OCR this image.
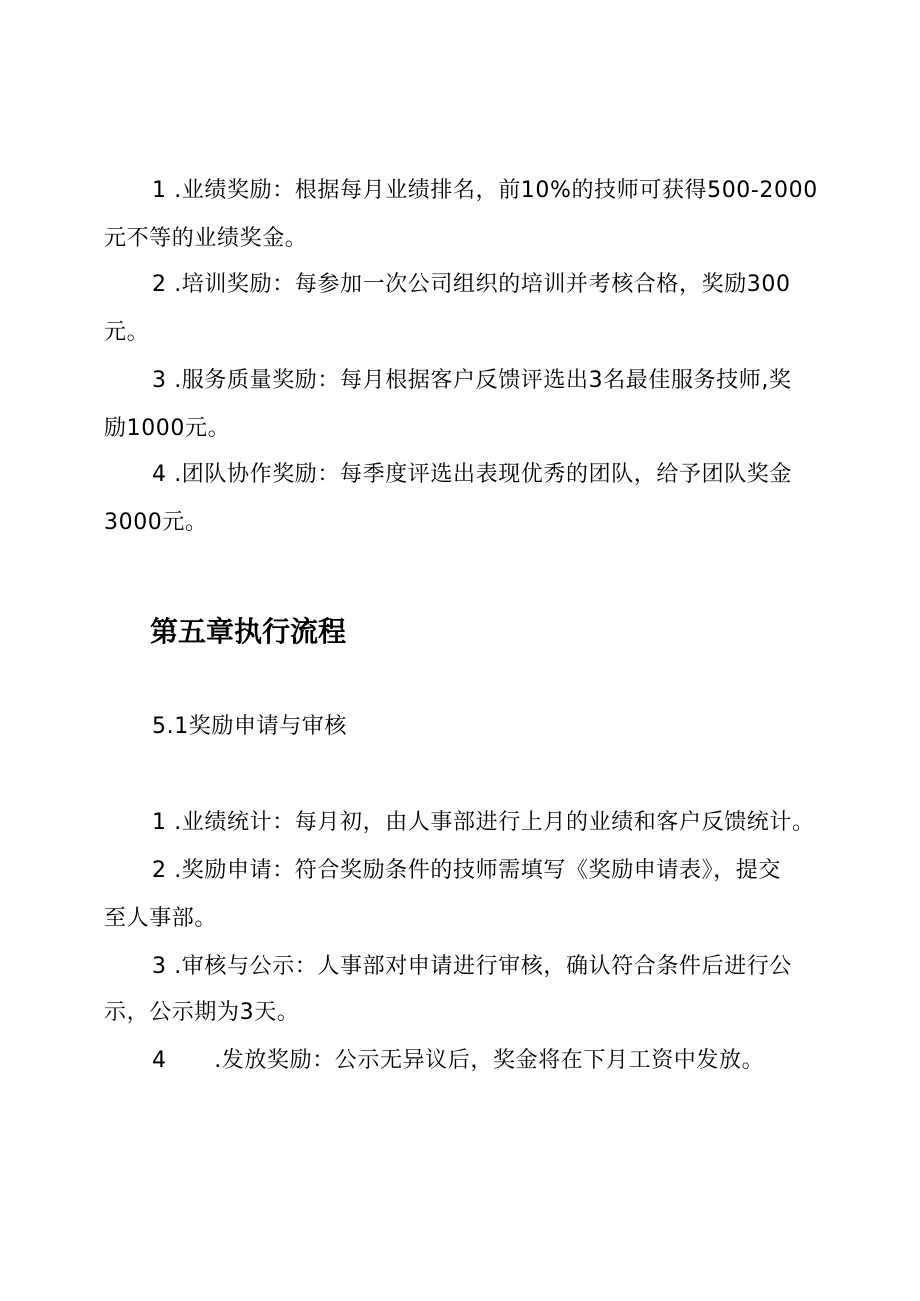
1 .业绩奖励：根据每月业绩排名，前10%的技师可获得500-2000
元不等的业绩奖金。
2 .培训奖励：每参加一次公司组织的培训并考核合格，奖励300
元。
3 .服务质量奖励：每月根据客户反馈评选出3名最佳服务技师,奖
励1000元。
4 .团队协作奖励：每季度评选出表现优秀的团队，给予团队奖金
3000元。
第五章执行流程
5.1奖励申请与审核
1 .业绩统计：每月初，由人事部进行上月的业绩和客户反馈统计。
2 .奖励申请：符合奖励条件的技师需填写《奖励申请表》，提交
至人事部。
3 .审核与公示：人事部对申请进行审核，确认符合条件后进行公
示，公示期为3天。
4 .发放奖励：公示无异议后，奖金将在下月工资中发放。
